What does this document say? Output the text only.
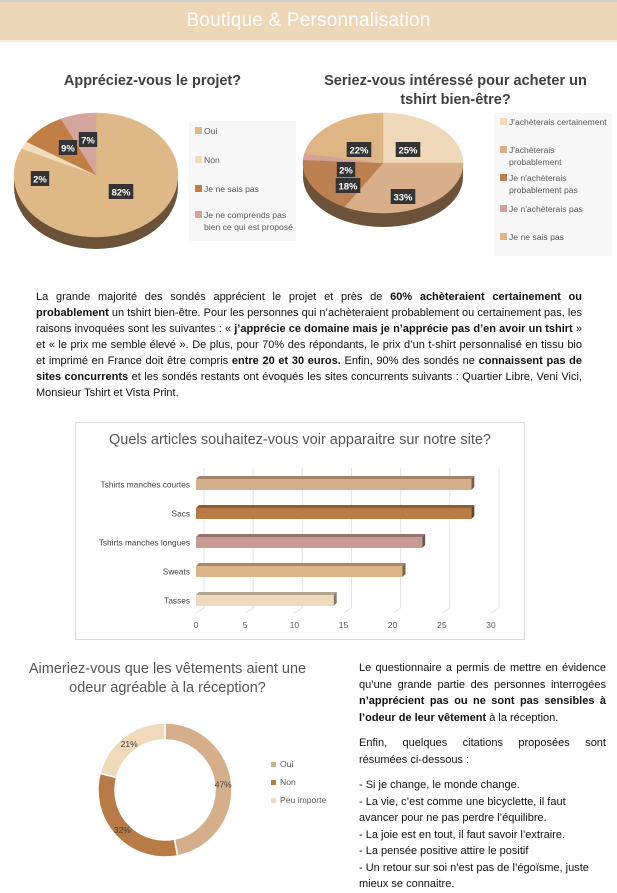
Boutique & Personnalisation
Appréciez-vous le projet?
82%
2%
9%
7%
Oui
Non
Je ne sais pas
Je ne comprends pas bien ce qui est proposé
Seriez-vous intéressé pour acheter un tshirt bien-être?
25%
33%
18%
2%
22%
J'achèterais certainement
J'achèterais probablement
Je n'achèterais probablement pas
Je n'achèterais pas
Je ne sais pas
La grande majorité des sondés apprécient le projet et près de 60% achèteraient certainement ou probablement un tshirt bien-être. Pour les personnes qui n’achèteraient probablement ou certainement pas, les raisons invoquées sont les suivantes : « j’apprécie ce domaine mais je n’apprécie pas d’en avoir un tshirt » et « le prix me semble élevé ». De plus, pour 70% des répondants, le prix d’un t-shirt personnalisé en tissu bio et imprimé en France doit être compris entre 20 et 30 euros. Enfin, 90% des sondés ne connaissent pas de sites concurrents et les sondés restants ont évoqués les sites concurrents suivants : Quartier Libre, Veni Vici, Monsieur Tshirt et Vista Print.
Quels articles souhaitez-vous voir apparaitre sur notre site?
0	5	10	15	20	25	30
Tshirts manches courtes
Sacs
Tshirts manches longues
Sweats
Tasses
Aimeriez-vous que les vêtements aient une odeur agréable à la réception?
47%
32%
21%
Oui
Non
Peu importe

Le questionnaire a permis de mettre en évidence qu’une grande partie des personnes interrogées n’apprécient pas ou ne sont pas sensibles à l’odeur de leur vêtement à la réception.

Enfin, quelques citations proposées sont résumées ci-dessous :

- Si je change, le monde change.

- La vie, c’est comme une bicyclette, il faut avancer pour ne pas perdre l’équilibre.

- La joie est en tout, il faut savoir l’extraire.

- La pensée positive attire le positif

- Un retour sur soi n’est pas de l’égoïsme, juste mieux se connaitre.
